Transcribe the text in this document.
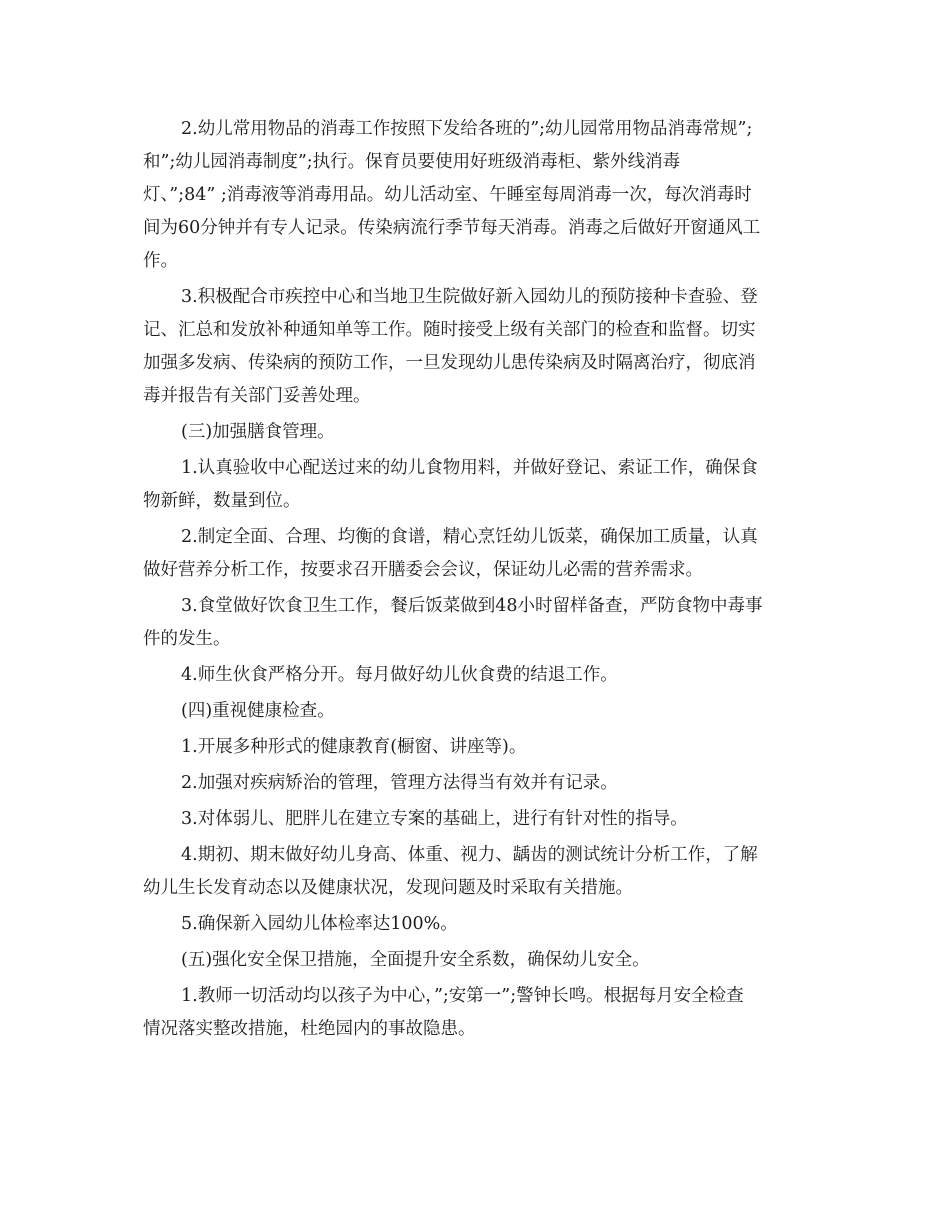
2.幼儿常用物品的消毒工作按照下发给各班的”;幼儿园常用物品消毒常规”;
和”;幼儿园消毒制度”;执行。保育员要使用好班级消毒柜、紫外线消毒
灯、”;84” ;消毒液等消毒用品。幼儿活动室、午睡室每周消毒一次，每次消毒时
间为60分钟并有专人记录。传染病流行季节每天消毒。消毒之后做好开窗通风工
作。
3.积极配合市疾控中心和当地卫生院做好新入园幼儿的预防接种卡查验、登
记、汇总和发放补种通知单等工作。随时接受上级有关部门的检查和监督。切实
加强多发病、传染病的预防工作，一旦发现幼儿患传染病及时隔离治疗，彻底消
毒并报告有关部门妥善处理。
(三)加强膳食管理。
1.认真验收中心配送过来的幼儿食物用料，并做好登记、索证工作，确保食
物新鲜，数量到位。
2.制定全面、合理、均衡的食谱，精心烹饪幼儿饭菜，确保加工质量，认真
做好营养分析工作，按要求召开膳委会会议，保证幼儿必需的营养需求。
3.食堂做好饮食卫生工作，餐后饭菜做到48小时留样备查，严防食物中毒事
件的发生。
4.师生伙食严格分开。每月做好幼儿伙食费的结退工作。
(四)重视健康检查。
1.开展多种形式的健康教育(橱窗、讲座等)。
2.加强对疾病矫治的管理，管理方法得当有效并有记录。
3.对体弱儿、肥胖儿在建立专案的基础上，进行有针对性的指导。
4.期初、期末做好幼儿身高、体重、视力、龋齿的测试统计分析工作，了解
幼儿生长发育动态以及健康状况，发现问题及时采取有关措施。
5.确保新入园幼儿体检率达100%。
(五)强化安全保卫措施，全面提升安全系数，确保幼儿安全。
1.教师一切活动均以孩子为中心，”;安第一”;警钟长鸣。根据每月安全检查
情况落实整改措施，杜绝园内的事故隐患。
